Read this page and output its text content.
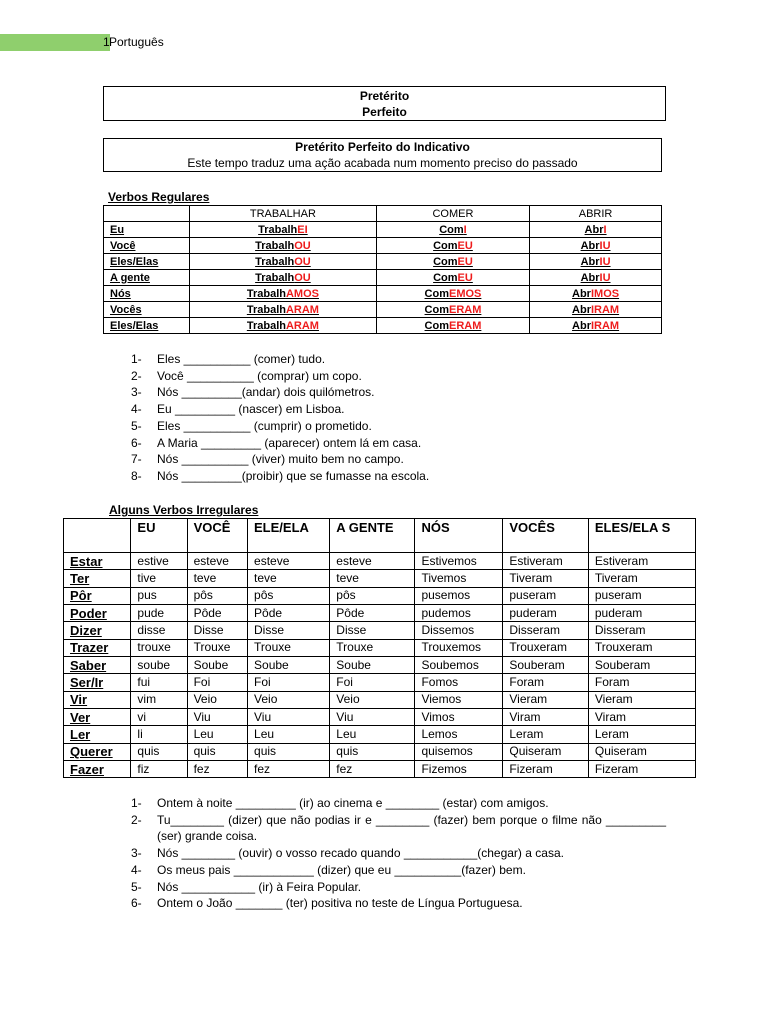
1 Português
Pretérito
Perfeito
Pretérito Perfeito do Indicativo
Este tempo traduz uma ação acabada num momento preciso do passado
Verbos Regulares
	TRABALHAR	COMER	ABRIR
Eu	TrabalhEI	ComI	AbrI
Você	TrabalhOU	ComEU	AbrIU
Eles/Elas	TrabalhOU	ComEU	AbrIU
A gente	TrabalhOU	ComEU	AbrIU
Nós	TrabalhAMOS	ComEMOS	AbrIMOS
Vocês	TrabalhARAM	ComERAM	AbrIRAM
Eles/Elas	TrabalhARAM	ComERAM	AbrIRAM
1-	Eles __________ (comer) tudo.
2-	Você __________ (comprar) um copo.
3-	Nós _________(andar) dois quilómetros.
4-	Eu _________ (nascer) em Lisboa.
5-	Eles __________ (cumprir) o prometido.
6-	A Maria _________ (aparecer) ontem lá em casa.
7-	Nós __________ (viver) muito bem no campo.
8-	Nós _________(proibir) que se fumasse na escola.
Alguns Verbos Irregulares
	EU	VOCÊ	ELE/ELA	A GENTE	NÓS	VOCÊS	ELES/ELA S
Estar	estive	esteve	esteve	esteve	Estivemos	Estiveram	Estiveram
Ter	tive	teve	teve	teve	Tivemos	Tiveram	Tiveram
Pôr	pus	pôs	pôs	pôs	pusemos	puseram	puseram
Poder	pude	Pôde	Pôde	Pôde	pudemos	puderam	puderam
Dizer	disse	Disse	Disse	Disse	Dissemos	Disseram	Disseram
Trazer	trouxe	Trouxe	Trouxe	Trouxe	Trouxemos	Trouxeram	Trouxeram
Saber	soube	Soube	Soube	Soube	Soubemos	Souberam	Souberam
Ser/Ir	fui	Foi	Foi	Foi	Fomos	Foram	Foram
Vir	vim	Veio	Veio	Veio	Viemos	Vieram	Vieram
Ver	vi	Viu	Viu	Viu	Vimos	Viram	Viram
Ler	li	Leu	Leu	Leu	Lemos	Leram	Leram
Querer	quis	quis	quis	quis	quisemos	Quiseram	Quiseram
Fazer	fiz	fez	fez	fez	Fizemos	Fizeram	Fizeram
1-	Ontem à noite _________ (ir) ao cinema e ________ (estar) com amigos.
2-	Tu________ (dizer) que não podias ir e ________ (fazer) bem porque o filme não _________ (ser) grande coisa.
3-	Nós ________ (ouvir) o vosso recado quando ___________(chegar) a casa.
4-	Os meus pais ____________ (dizer) que eu __________(fazer) bem.
5-	Nós ___________ (ir) à Feira Popular.
6-	Ontem o João _______ (ter) positiva no teste de Língua Portuguesa.
